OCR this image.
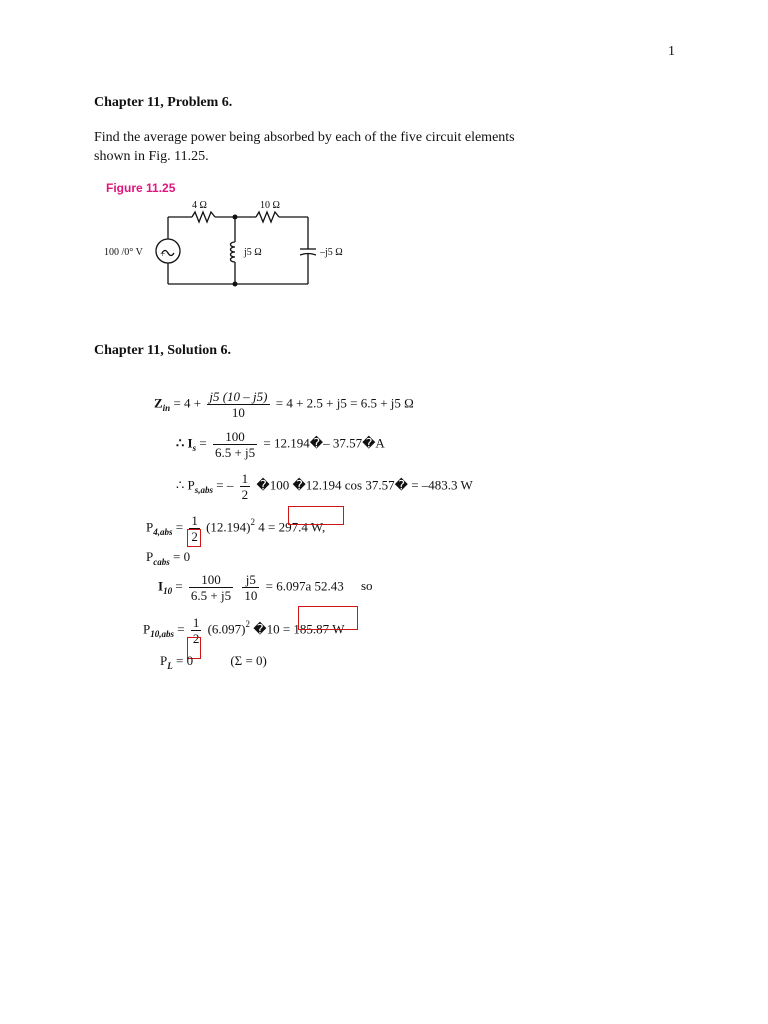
1
Chapter 11, Problem 6.
Find the average power being absorbed by each of the five circuit elements
shown in Fig. 11.25.
Figure 11.25
+
4 Ω	10 Ω
100 /0° V	j5 Ω	–j5 Ω
Chapter 11, Solution 6.
$Z_{in} = 4 + \frac{j5 (10 - j5)}{10} = 4 + 2.5 + j5 = 6.5 + j5$ Ω
∴ $I_s = \frac{100}{6.5 + j5}$ = 12.194�– 37.57�A
∴ $P_{s,abs}$ = – $\frac{1}{2}$ �100 �12.194 cos 37.57� = –483.3 W
$P_{4,abs} = \frac{1}{2} (12.194)^2$ 4 = 297.4 W,
$P_{cabs} = 0$
$I_{10} = \frac{100}{6.5 + j5}$
$\frac{j5}{10} = 6.097a$ 52.43 so
$P_{10,abs} = \frac{1}{2} (6.097)^2$ �10 = 185.87 W
$P_L = 0$	(Σ = 0)
